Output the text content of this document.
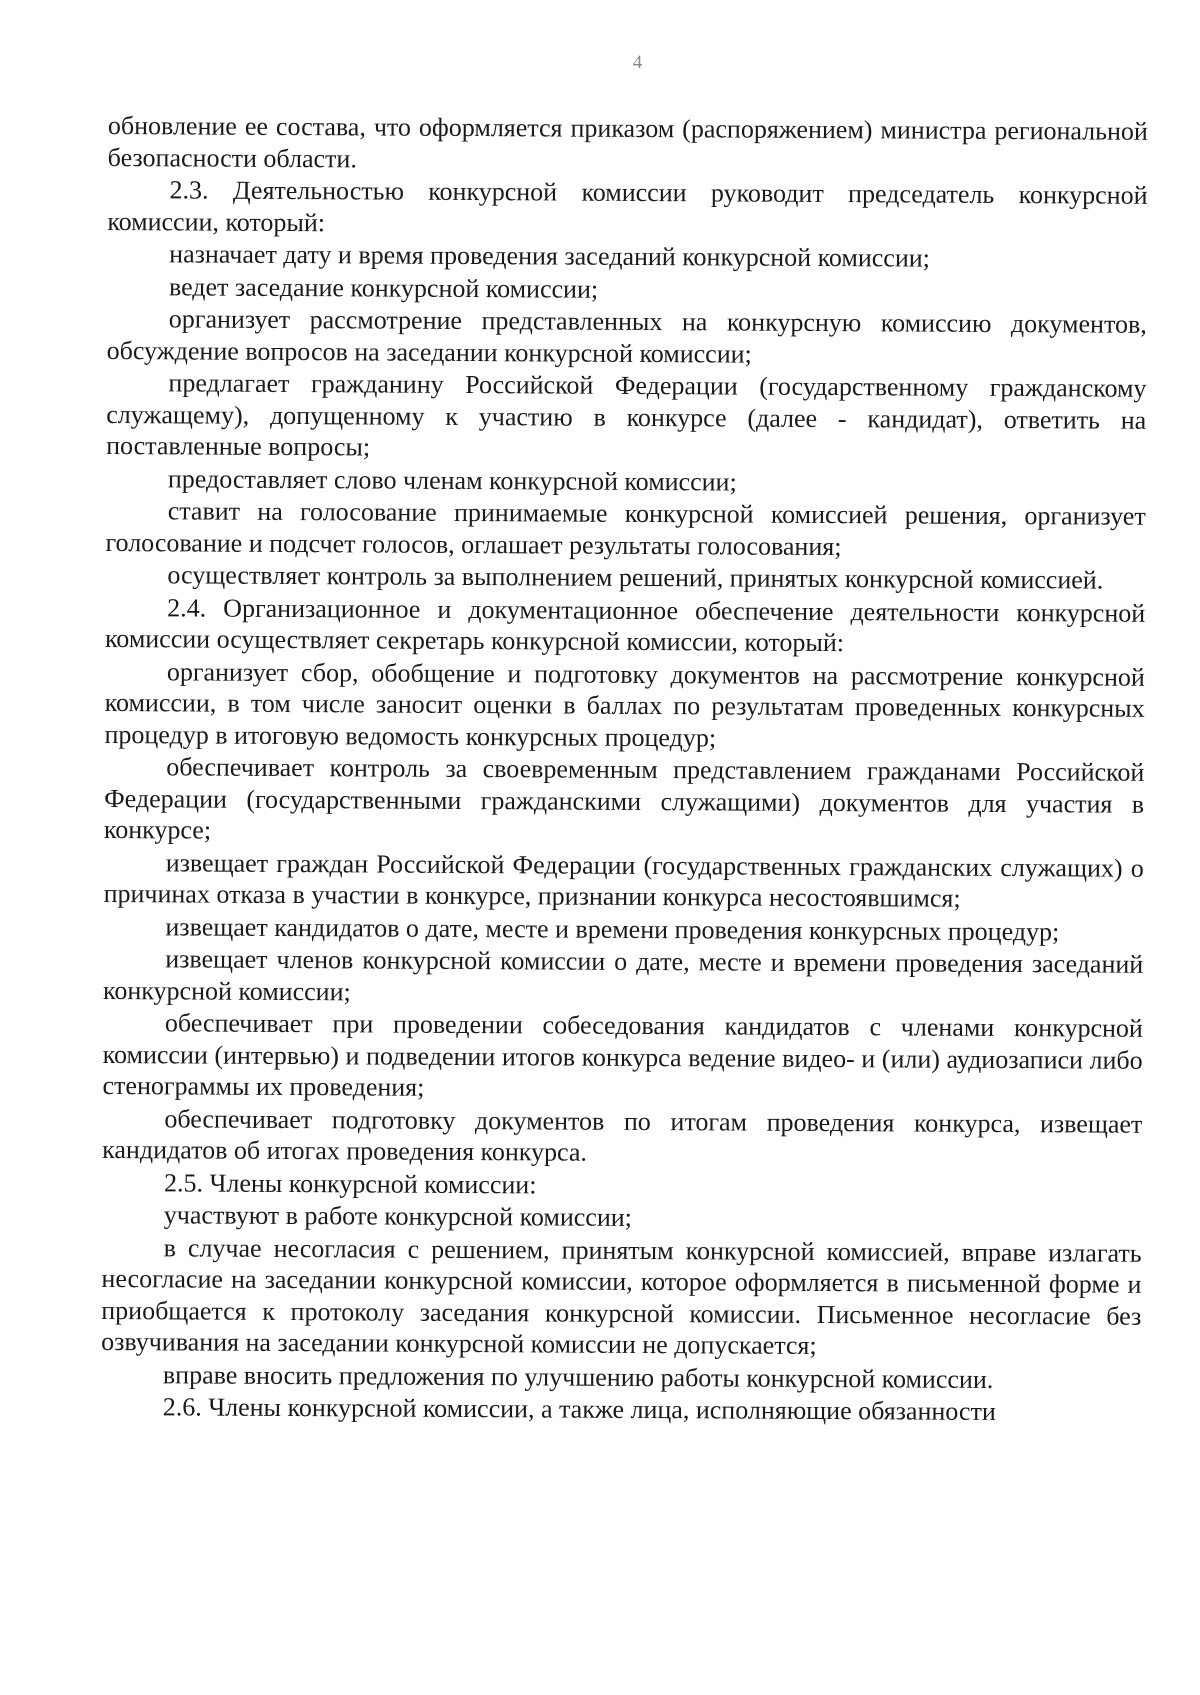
4

обновление ее состава, что оформляется приказом (распоряжением) министра региональной безопасности области.

2.3. Деятельностью конкурсной комиссии руководит председатель конкурсной комиссии, который:

назначает дату и время проведения заседаний конкурсной комиссии;

ведет заседание конкурсной комиссии;

организует рассмотрение представленных на конкурсную комиссию документов, обсуждение вопросов на заседании конкурсной комиссии;

предлагает гражданину Российской Федерации (государственному гражданскому служащему), допущенному к участию в конкурсе (далее - кандидат), ответить на поставленные вопросы;

предоставляет слово членам конкурсной комиссии;

ставит на голосование принимаемые конкурсной комиссией решения, организует голосование и подсчет голосов, оглашает результаты голосования;

осуществляет контроль за выполнением решений, принятых конкурсной комиссией.

2.4. Организационное и документационное обеспечение деятельности конкурсной комиссии осуществляет секретарь конкурсной комиссии, который:

организует сбор, обобщение и подготовку документов на рассмотрение конкурсной комиссии, в том числе заносит оценки в баллах по результатам проведенных конкурсных процедур в итоговую ведомость конкурсных процедур;

обеспечивает контроль за своевременным представлением гражданами Российской Федерации (государственными гражданскими служащими) документов для участия в конкурсе;

извещает граждан Российской Федерации (государственных гражданских служащих) о причинах отказа в участии в конкурсе, признании конкурса несостоявшимся;

извещает кандидатов о дате, месте и времени проведения конкурсных процедур;

извещает членов конкурсной комиссии о дате, месте и времени проведения заседаний конкурсной комиссии;

обеспечивает при проведении собеседования кандидатов с членами конкурсной комиссии (интервью) и подведении итогов конкурса ведение видео- и (или) аудиозаписи либо стенограммы их проведения;

обеспечивает подготовку документов по итогам проведения конкурса, извещает кандидатов об итогах проведения конкурса.

2.5. Члены конкурсной комиссии:

участвуют в работе конкурсной комиссии;

в случае несогласия с решением, принятым конкурсной комиссией, вправе излагать несогласие на заседании конкурсной комиссии, которое оформляется в письменной форме и приобщается к протоколу заседания конкурсной комиссии. Письменное несогласие без озвучивания на заседании конкурсной комиссии не допускается;

вправе вносить предложения по улучшению работы конкурсной комиссии.

2.6. Члены конкурсной комиссии, а также лица, исполняющие обязанности
